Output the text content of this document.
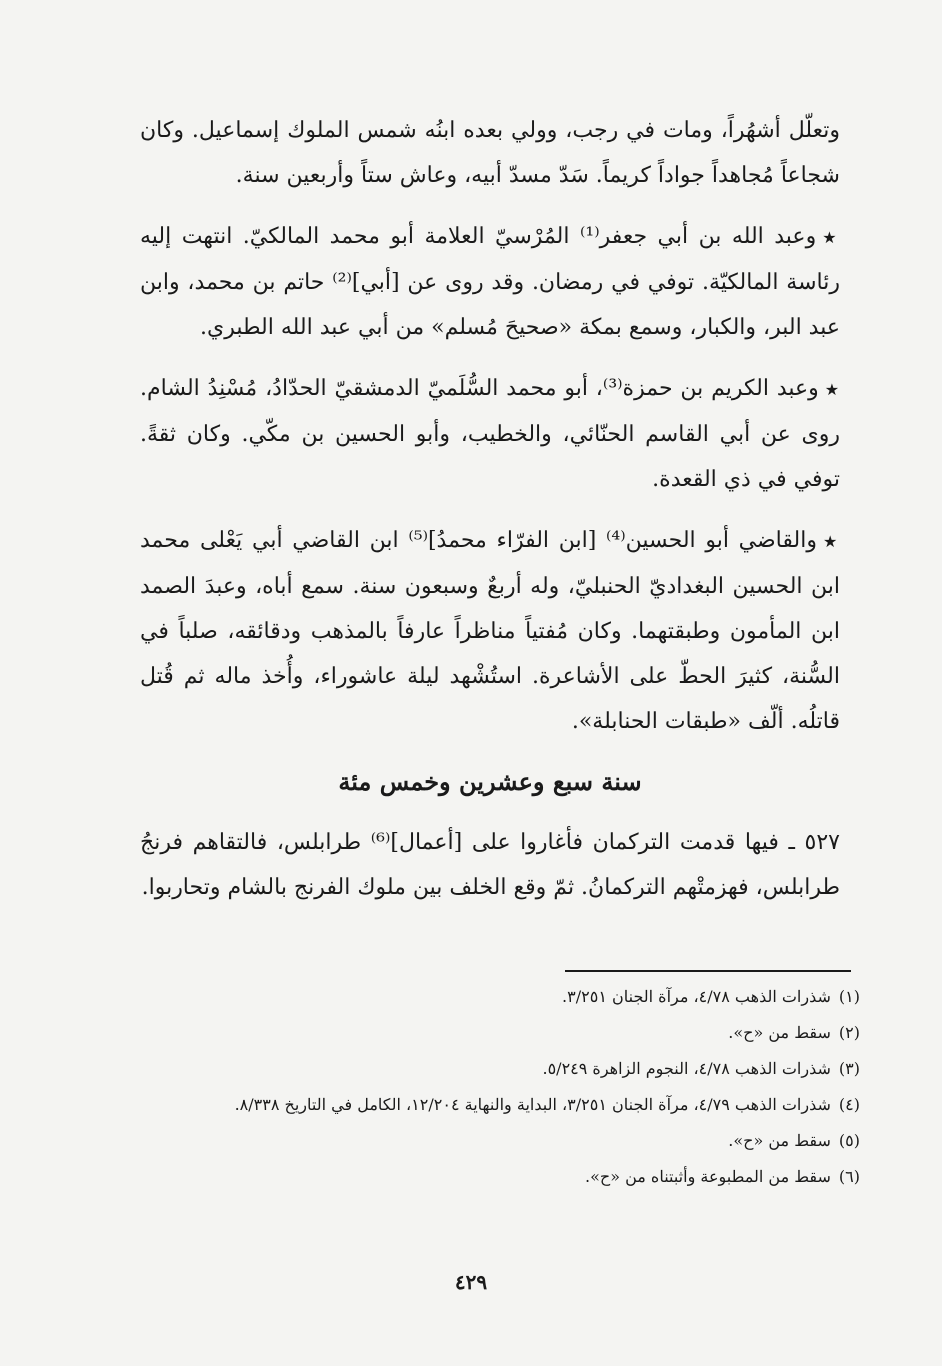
وتعلّل أشهُراً، ومات في رجب، وولي بعده ابنُه شمس الملوك إسماعيل. وكان شجاعاً مُجاهداً جواداً كريماً. سَدّ مسدّ أبيه، وعاش ستاً وأربعين سنة.

★وعبد الله بن أبي جعفر⁽¹⁾ المُرْسيّ العلامة أبو محمد المالكيّ. انتهت إليه رئاسة المالكيّة. توفي في رمضان. وقد روى عن [أبي]⁽²⁾ حاتم بن محمد، وابن عبد البر، والكبار، وسمع بمكة «صحيحَ مُسلم» من أبي عبد الله الطبري.

★وعبد الكريم بن حمزة⁽³⁾، أبو محمد السُّلَميّ الدمشقيّ الحدّادُ، مُسْنِدُ الشام. روى عن أبي القاسم الحنّائي، والخطيب، وأبو الحسين بن مكّي. وكان ثقةً. توفي في ذي القعدة.

★والقاضي أبو الحسين⁽⁴⁾ [ابن الفرّاء محمدُ]⁽⁵⁾ ابن القاضي أبي يَعْلى محمد ابن الحسين البغداديّ الحنبليّ، وله أربعٌ وسبعون سنة. سمع أباه، وعبدَ الصمد ابن المأمون وطبقتهما. وكان مُفتياً مناظراً عارفاً بالمذهب ودقائقه، صلباً في السُّنة، كثيرَ الحطّ على الأشاعرة. استُشْهد ليلة عاشوراء، وأُخذ ماله ثم قُتل قاتلُه. ألّف «طبقات الحنابلة».

سنة سبع وعشرين وخمس مئة

٥٢٧ ـ فيها قدمت التركمان فأغاروا على [أعمال]⁽⁶⁾ طرابلس، فالتقاهم فرنجُ طرابلس، فهزمتْهم التركمانُ. ثمّ وقع الخلف بين ملوك الفرنج بالشام وتحاربوا.

(١)شذرات الذهب ٤/٧٨، مرآة الجنان ٣/٢٥١.
(٢)سقط من «ح».
(٣)شذرات الذهب ٤/٧٨، النجوم الزاهرة ٥/٢٤٩.
(٤)شذرات الذهب ٤/٧٩، مرآة الجنان ٣/٢٥١، البداية والنهاية ١٢/٢٠٤، الكامل في التاريخ ٨/٣٣٨.
(٥)سقط من «ح».
(٦)سقط من المطبوعة وأثبتناه من «ح».
٤٢٩
